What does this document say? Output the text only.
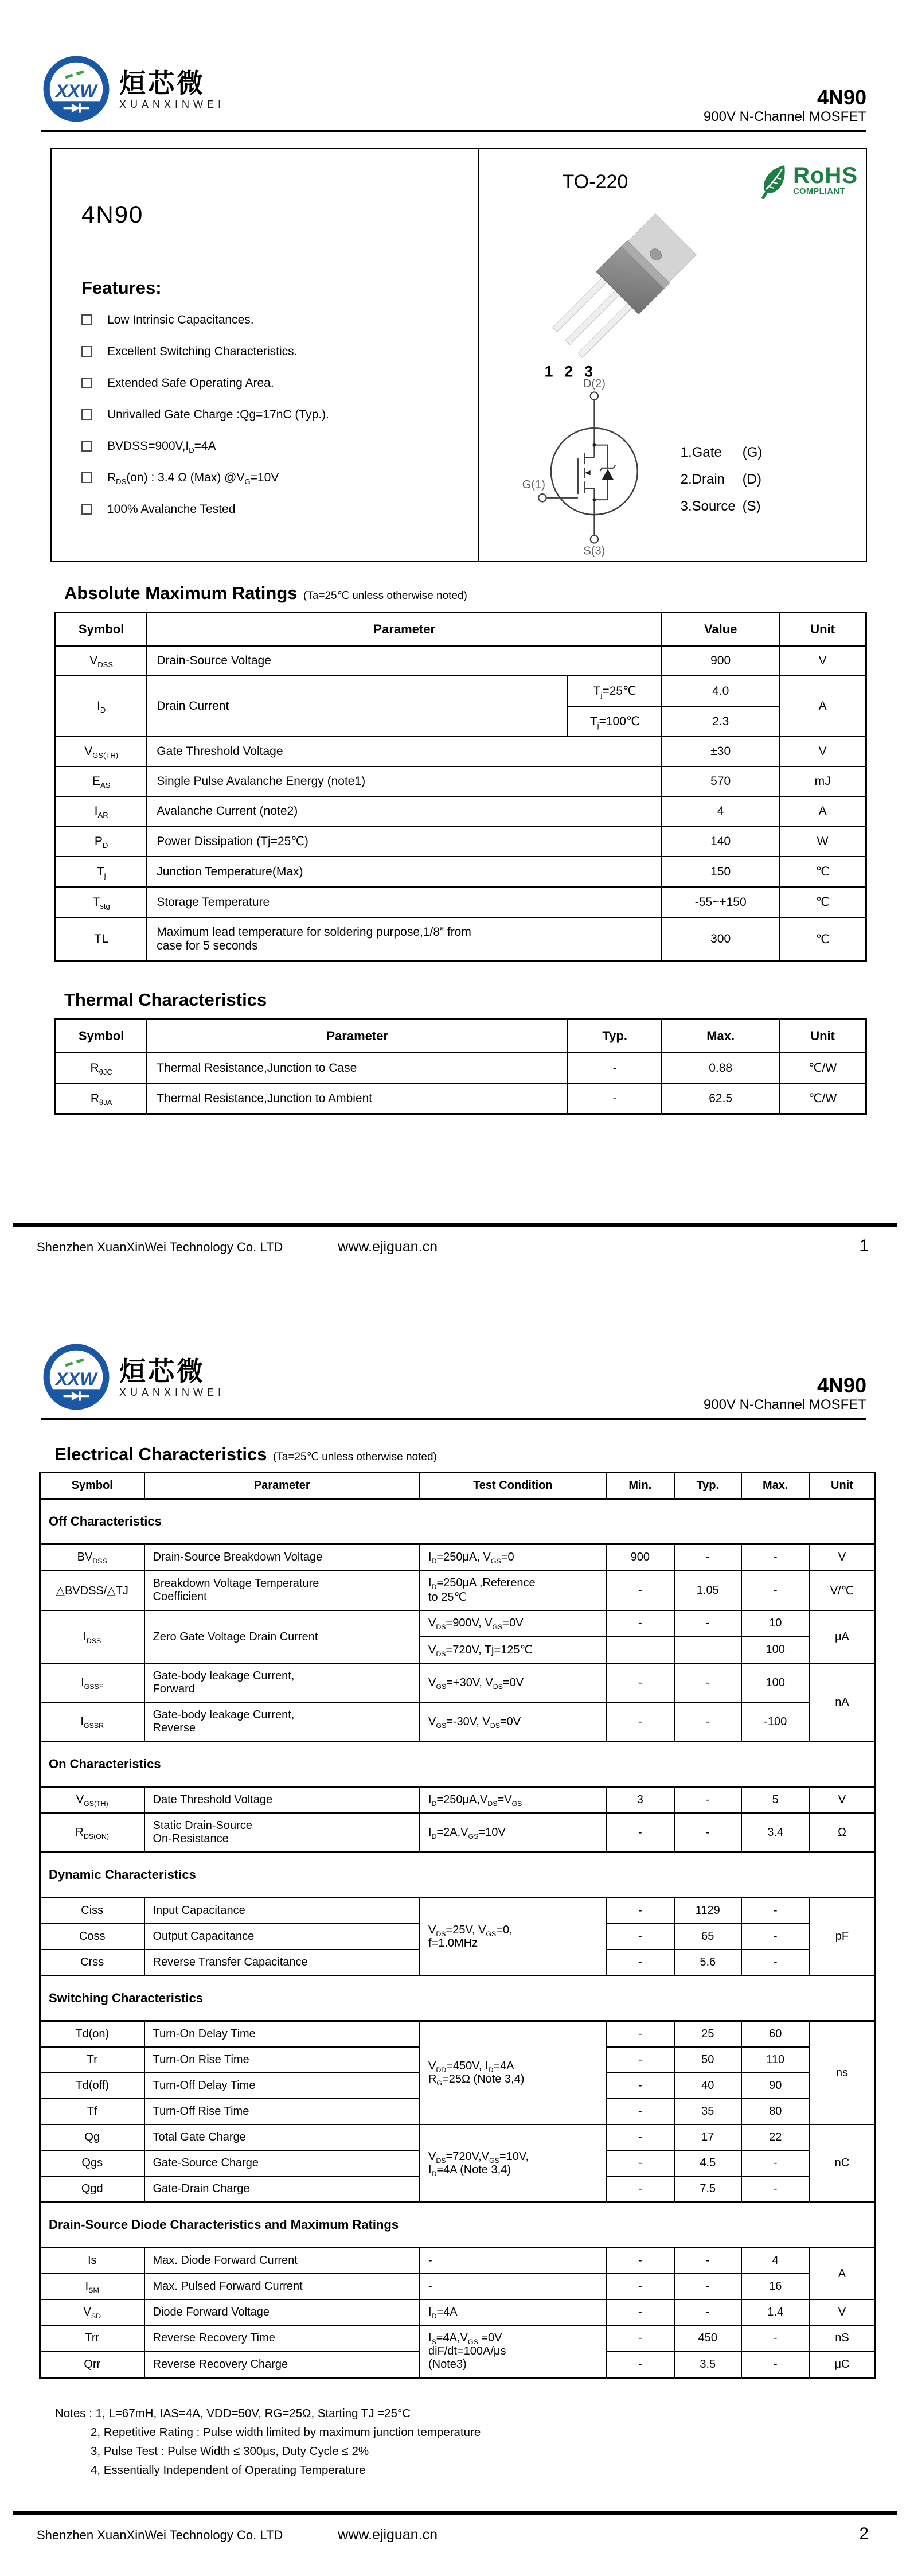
XXW 烜芯微
XUANXINWEI	4N90
900V N-Channel MOSFET
4N90
Features:
Low Intrinsic Capacitances.
Excellent Switching Characteristics.
Extended Safe Operating Area.
Unrivalled Gate Charge :Qg=17nC (Typ.).
$BVDSS=900V,I_D=4A$
$R_{DS}(on)$ : 3.4 Ω (Max) $@V_G=10V$
100% Avalanche Tested
TO-220	RoHS
COMPLIANT
1 2 3
D(2)
G(1)
S(3)
1.Gate	(G)
2.Drain	(D)
3.Source (S)
Absolute Maximum Ratings (Ta=25℃ unless otherwise noted)
Symbol	Parameter		Value	Unit
$V_{DSS}$	Drain-Source Voltage		900	V
$I_D$	Drain Current	$T_j=25℃$	4.0	A
		$T_j=100℃$	2.3	
$V_{GS(TH)}$	Gate Threshold Voltage		±30	V
$E_{AS}$	Single Pulse Avalanche Energy (note1)		570	mJ
$I_{AR}$	Avalanche Current (note2)		4	A
$P_D$	Power Dissipation (Tj=25℃)		140	W
$T_j$	Junction Temperature(Max)		150	℃
$T_{stg}$	Storage Temperature		-55~+150	℃
TL	Maximum lead temperature for soldering purpose,1/8” from
case for 5 seconds		300	℃
Thermal Characteristics
Symbol	Parameter	Typ.	Max.	Unit
$R_{\theta JC}$	Thermal Resistance,Junction to Case	-	0.88	℃/W
$R_{\theta JA}$	Thermal Resistance,Junction to Ambient	-	62.5	℃/W
Shenzhen XuanXinWei Technology Co. LTD	www.ejiguan.cn	1
XXW 烜芯微
XUANXINWEI	4N90
900V N-Channel MOSFET
Electrical Characteristics (Ta=25℃ unless otherwise noted)
Symbol	Parameter	Test Condition	Min.	Typ.	Max.	Unit
Off Characteristics						
$BV_{DSS}$	Drain-Source Breakdown Voltage	$I_D=250\mu A$, $V_{GS}=0$	900	-	-	V
△BVDSS/△TJ	Breakdown Voltage Temperature
Coefficient	$I_D=250\mu A$ ,Reference
to 25℃	-	1.05	-	V/℃
$I_{DSS}$	Zero Gate Voltage Drain Current	$V_{DS}=900V$, $V_{GS}=0V$	-	-	10	μA
		$V_{DS}=720V$, Tj=125℃			100	
$I_{GSSF}$	Gate-body leakage Current,
Forward	$V_{GS}=+30V$, $V_{DS}=0V$	-	-	100	nA
$I_{GSSR}$	Gate-body leakage Current,
Reverse	$V_{GS}=-30V$, $V_{DS}=0V$	-	-	-100	
On Characteristics						
$V_{GS(TH)}$	Date Threshold Voltage	$I_D=250\mu A,V_{DS}=V_{GS}$	3	-	5	V
$R_{DS(ON)}$	Static Drain-Source
On-Resistance	$I_D=2A,V_{GS}=10V$	-	-	3.4	Ω
Dynamic Characteristics						
Ciss	Input Capacitance	$V_{DS}=25V$, $V_{GS}=0$,
f=1.0MHz	-	1129	-	pF
Coss	Output Capacitance		-	65	-	
Crss	Reverse Transfer Capacitance		-	5.6	-	
Switching Characteristics						
Td(on)	Turn-On Delay Time	$V_{DD}=450V$, $I_D=4A$
$R_G=25\Omega$ (Note 3,4)	-	25	60	ns
Tr	Turn-On Rise Time		-	50	110	
Td(off)	Turn-Off Delay Time		-	40	90	
Tf	Turn-Off Rise Time		-	35	80	
Qg	Total Gate Charge	$V_{DS}=720V,V_{GS}=10V$,
$I_D=4A$ (Note 3,4)	-	17	22	nC
Qgs	Gate-Source Charge		-	4.5	-	
Qgd	Gate-Drain Charge		-	7.5	-	
Drain-Source Diode Characteristics and Maximum Ratings						
Is	Max. Diode Forward Current	-	-	-	4	A
$I_{SM}$	Max. Pulsed Forward Current	-	-	-	16	
$V_{SD}$	Diode Forward Voltage	$I_D=4A$	-	-	1.4	V
Trr	Reverse Recovery Time	$I_S=4A,V_{GS} =0V$
diF/dt=100A/μs
(Note3)	-	450	-	nS
Qrr	Reverse Recovery Charge		-	3.5	-	μC
Notes : 1, L=67mH, IAS=4A, VDD=50V, RG=25Ω, Starting TJ =25°C
2, Repetitive Rating : Pulse width limited by maximum junction temperature
3, Pulse Test : Pulse Width ≤ 300μs, Duty Cycle ≤ 2%
4, Essentially Independent of Operating Temperature
Shenzhen XuanXinWei Technology Co. LTD	www.ejiguan.cn	2
